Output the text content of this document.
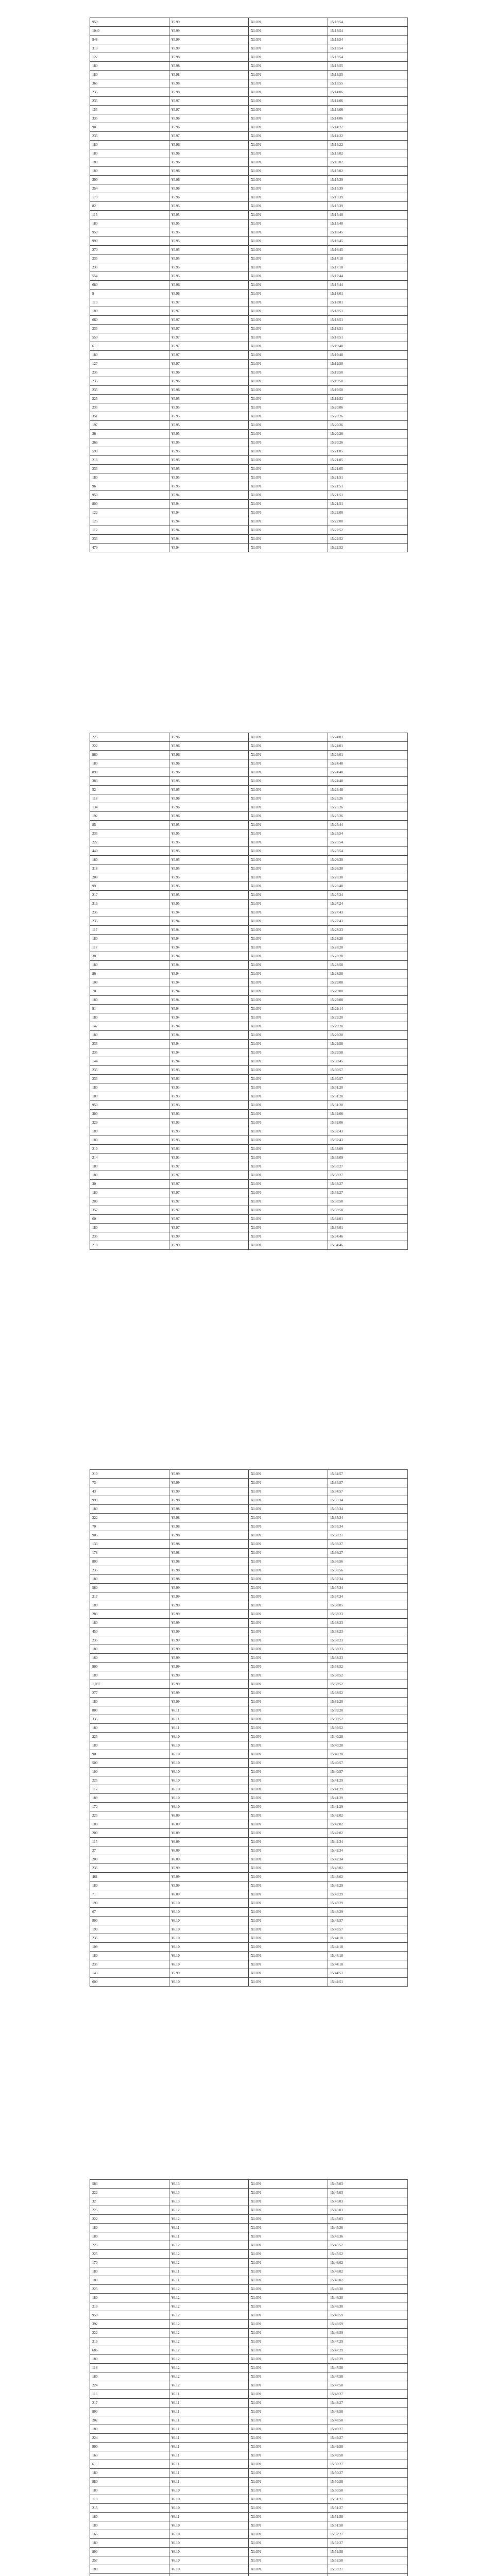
950	¥5.99	XLON	15:13:54
1040	¥5.99	XLON	15:13:54
948	¥5.99	XLON	15:13:54
313	¥5.99	XLON	15:13:54
122	¥5.98	XLON	15:13:54
180	¥5.98	XLON	15:13:55
180	¥5.98	XLON	15:13:55
365	¥5.98	XLON	15:13:55
235	¥5.98	XLON	15:14:06
235	¥5.97	XLON	15:14:06
155	¥5.97	XLON	15:14:06
335	¥5.96	XLON	15:14:06
90	¥5.96	XLON	15:14:22
235	¥5.97	XLON	15:14:22
180	¥5.96	XLON	15:14:22
180	¥5.96	XLON	15:15:02
180	¥5.96	XLON	15:15:02
180	¥5.96	XLON	15:15:02
300	¥5.96	XLON	15:15:39
254	¥5.96	XLON	15:15:39
179	¥5.96	XLON	15:15:39
82	¥5.95	XLON	15:15:39
115	¥5.95	XLON	15:15:40
180	¥5.95	XLON	15:15:40
950	¥5.95	XLON	15:16:45
990	¥5.95	XLON	15:16:45
270	¥5.95	XLON	15:16:45
235	¥5.95	XLON	15:17:18
235	¥5.95	XLON	15:17:18
554	¥5.95	XLON	15:17:44
680	¥5.96	XLON	15:17:44
9	¥5.96	XLON	15:18:01
110	¥5.97	XLON	15:18:01
180	¥5.97	XLON	15:18:51
660	¥5.97	XLON	15:18:51
235	¥5.97	XLON	15:18:51
550	¥5.97	XLON	15:18:51
61	¥5.97	XLON	15:19:48
180	¥5.97	XLON	15:19:48
127	¥5.97	XLON	15:19:50
235	¥5.96	XLON	15:19:50
235	¥5.96	XLON	15:19:50
235	¥5.96	XLON	15:19:50
225	¥5.95	XLON	15:19:52
235	¥5.95	XLON	15:20:06
351	¥5.95	XLON	15:20:26
197	¥5.95	XLON	15:20:26
36	¥5.95	XLON	15:20:26
266	¥5.95	XLON	15:20:26
590	¥5.95	XLON	15:21:05
216	¥5.95	XLON	15:21:05
235	¥5.95	XLON	15:21:05
180	¥5.95	XLON	15:21:51
96	¥5.95	XLON	15:21:51
950	¥5.94	XLON	15:21:51
800	¥5.94	XLON	15:21:51
122	¥5.94	XLON	15:22:00
125	¥5.94	XLON	15:22:00
112	¥5.94	XLON	15:22:52
235	¥5.94	XLON	15:22:52
479	¥5.94	XLON	15:22:52
225	¥5.96	XLON	15:24:01
222	¥5.96	XLON	15:24:01
960	¥5.96	XLON	15:24:01
180	¥5.96	XLON	15:24:48
890	¥5.96	XLON	15:24:48
383	¥5.95	XLON	15:24:48
52	¥5.95	XLON	15:24:48
118	¥5.96	XLON	15:25:26
134	¥5.96	XLON	15:25:26
192	¥5.96	XLON	15:25:26
85	¥5.95	XLON	15:25:44
235	¥5.95	XLON	15:25:54
222	¥5.95	XLON	15:25:54
440	¥5.95	XLON	15:25:54
180	¥5.95	XLON	15:26:30
318	¥5.95	XLON	15:26:30
208	¥5.95	XLON	15:26:30
99	¥5.95	XLON	15:26:48
217	¥5.95	XLON	15:27:24
316	¥5.95	XLON	15:27:24
235	¥5.94	XLON	15:27:43
235	¥5.94	XLON	15:27:43
117	¥5.94	XLON	15:28:23
180	¥5.94	XLON	15:28:28
117	¥5.94	XLON	15:28:28
38	¥5.94	XLON	15:28:28
180	¥5.94	XLON	15:28:58
86	¥5.94	XLON	15:28:58
109	¥5.94	XLON	15:29:08
70	¥5.94	XLON	15:29:08
180	¥5.94	XLON	15:29:08
91	¥5.94	XLON	15:29:14
180	¥5.94	XLON	15:29:20
147	¥5.94	XLON	15:29:20
180	¥5.94	XLON	15:29:20
235	¥5.94	XLON	15:29:58
235	¥5.94	XLON	15:29:58
144	¥5.94	XLON	15:30:45
235	¥5.93	XLON	15:30:57
235	¥5.93	XLON	15:30:57
180	¥5.93	XLON	15:31:20
180	¥5.93	XLON	15:31:20
950	¥5.93	XLON	15:31:20
300	¥5.93	XLON	15:32:06
329	¥5.93	XLON	15:32:06
180	¥5.93	XLON	15:32:43
180	¥5.93	XLON	15:32:43
210	¥5.93	XLON	15:33:09
214	¥5.93	XLON	15:33:09
180	¥5.97	XLON	15:33:27
180	¥5.97	XLON	15:33:27
30	¥5.97	XLON	15:33:27
180	¥5.97	XLON	15:33:27
200	¥5.97	XLON	15:33:58
357	¥5.97	XLON	15:33:58
60	¥5.97	XLON	15:34:01
180	¥5.97	XLON	15:34:01
235	¥5.99	XLON	15:34:46
218	¥5.99	XLON	15:34:46
210	¥5.99	XLON	15:34:57
73	¥5.99	XLON	15:34:57
43	¥5.99	XLON	15:34:57
999	¥5.98	XLON	15:35:34
180	¥5.98	XLON	15:35:34
222	¥5.98	XLON	15:35:34
70	¥5.98	XLON	15:35:34
905	¥5.98	XLON	15:36:27
133	¥5.98	XLON	15:36:27
178	¥5.98	XLON	15:36:27
800	¥5.98	XLON	15:36:56
235	¥5.98	XLON	15:36:56
180	¥5.98	XLON	15:37:34
560	¥5.99	XLON	15:37:34
217	¥5.99	XLON	15:37:34
180	¥5.99	XLON	15:38:05
283	¥5.99	XLON	15:38:23
180	¥5.99	XLON	15:38:23
450	¥5.99	XLON	15:38:23
235	¥5.99	XLON	15:38:23
180	¥5.99	XLON	15:38:23
160	¥5.99	XLON	15:38:23
900	¥5.99	XLON	15:38:52
180	¥5.99	XLON	15:38:52
1,097	¥5.99	XLON	15:38:52
277	¥5.99	XLON	15:38:52
180	¥5.99	XLON	15:39:20
800	¥6.11	XLON	15:39:20
335	¥6.11	XLON	15:39:52
180	¥6.11	XLON	15:39:52
225	¥6.10	XLON	15:40:28
180	¥6.10	XLON	15:40:28
90	¥6.10	XLON	15:40:28
500	¥6.10	XLON	15:40:57
100	¥6.10	XLON	15:40:57
225	¥6.10	XLON	15:41:29
117	¥6.10	XLON	15:41:29
189	¥6.10	XLON	15:41:29
172	¥6.10	XLON	15:41:29
225	¥6.09	XLON	15:42:02
180	¥6.09	XLON	15:42:02
200	¥6.09	XLON	15:42:02
115	¥6.09	XLON	15:42:34
27	¥6.09	XLON	15:42:34
200	¥6.09	XLON	15:42:34
235	¥5.99	XLON	15:43:02
461	¥5.99	XLON	15:43:02
180	¥5.99	XLON	15:43:29
71	¥6.09	XLON	15:43:29
190	¥6.10	XLON	15:43:29
67	¥6.10	XLON	15:43:29
800	¥6.10	XLON	15:43:57
190	¥6.10	XLON	15:43:57
235	¥6.10	XLON	15:44:18
109	¥6.10	XLON	15:44:18
180	¥6.10	XLON	15:44:18
235	¥6.10	XLON	15:44:18
143	¥5.99	XLON	15:44:51
600	¥6.10	XLON	15:44:51
583	¥6.13	XLON	15:45:03
222	¥6.13	XLON	15:45:03
32	¥6.13	XLON	15:45:03
225	¥6.12	XLON	15:45:03
222	¥6.12	XLON	15:45:03
180	¥6.11	XLON	15:45:36
180	¥6.11	XLON	15:45:36
225	¥6.12	XLON	15:45:52
225	¥6.12	XLON	15:45:52
170	¥6.12	XLON	15:46:02
180	¥6.11	XLON	15:46:02
180	¥6.11	XLON	15:46:02
225	¥6.12	XLON	15:46:30
180	¥6.12	XLON	15:46:30
219	¥6.12	XLON	15:46:30
950	¥6.12	XLON	15:46:59
392	¥6.12	XLON	15:46:59
222	¥6.12	XLON	15:46:59
216	¥6.12	XLON	15:47:29
686	¥6.12	XLON	15:47:29
180	¥6.12	XLON	15:47:29
118	¥6.12	XLON	15:47:58
180	¥6.12	XLON	15:47:58
224	¥6.12	XLON	15:47:58
116	¥6.11	XLON	15:48:27
217	¥6.11	XLON	15:48:27
800	¥6.11	XLON	15:48:58
202	¥6.11	XLON	15:48:58
180	¥6.11	XLON	15:49:27
224	¥6.11	XLON	15:49:27
990	¥6.11	XLON	15:49:58
163	¥6.11	XLON	15:49:58
61	¥6.11	XLON	15:50:27
180	¥6.11	XLON	15:50:27
880	¥6.11	XLON	15:50:58
180	¥6.10	XLON	15:50:58
118	¥6.10	XLON	15:51:27
215	¥6.10	XLON	15:51:27
180	¥6.11	XLON	15:51:58
180	¥6.10	XLON	15:51:58
166	¥6.10	XLON	15:52:27
180	¥6.10	XLON	15:52:27
800	¥6.10	XLON	15:52:58
257	¥6.10	XLON	15:52:58
180	¥6.10	XLON	15:53:27
